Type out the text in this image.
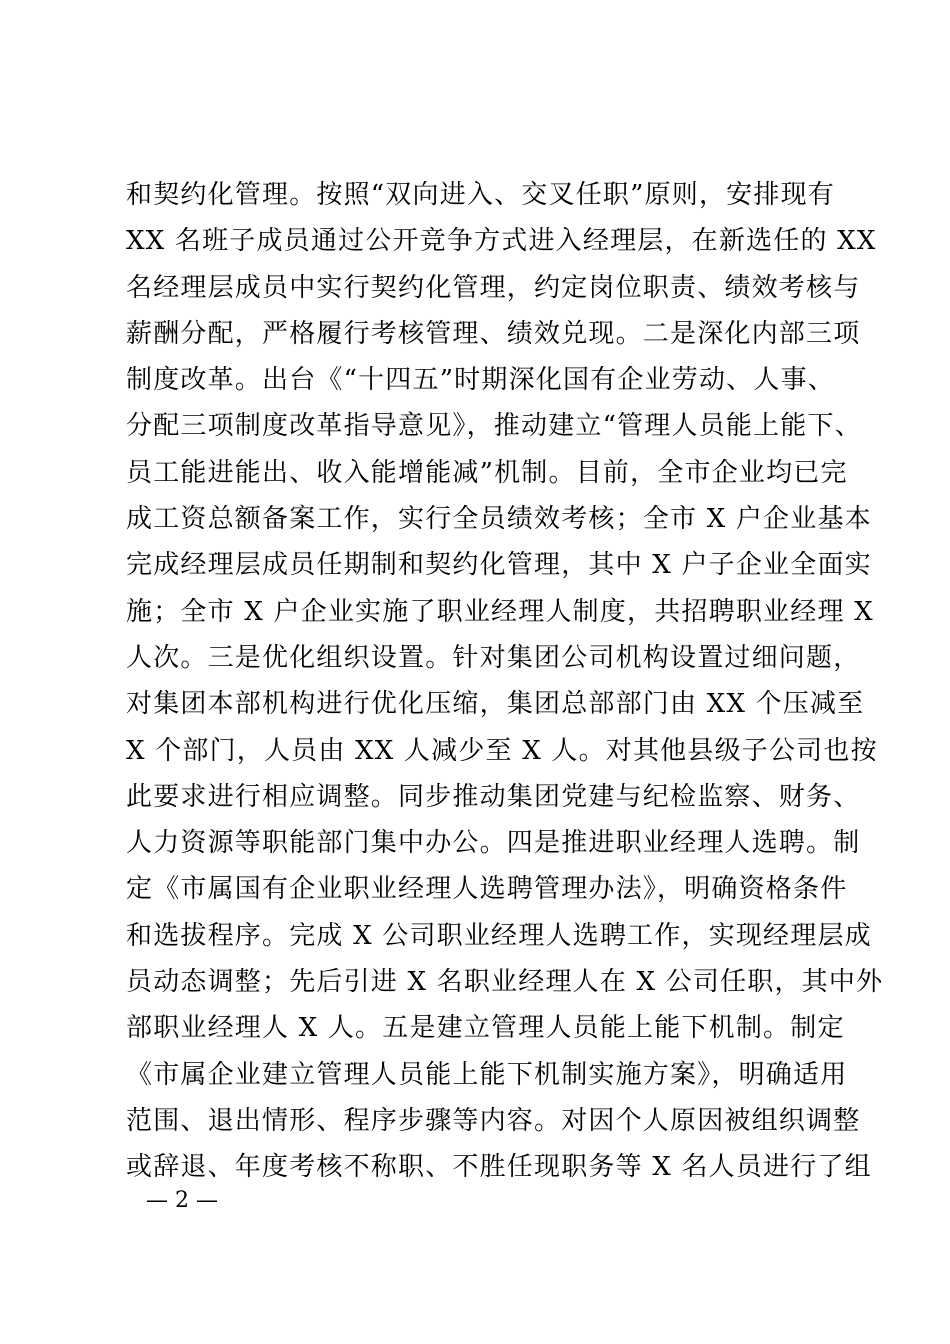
和契约化管理。按照“双向进入、交叉任职”原则，安排现有
XX 名班子成员通过公开竞争方式进入经理层，在新选任的 XX
名经理层成员中实行契约化管理，约定岗位职责、绩效考核与
薪酬分配，严格履行考核管理、绩效兑现。二是深化内部三项
制度改革。出台《“十四五”时期深化国有企业劳动、人事、
分配三项制度改革指导意见》，推动建立“管理人员能上能下、
员工能进能出、收入能增能减”机制。目前，全市企业均已完
成工资总额备案工作，实行全员绩效考核；全市 X 户企业基本
完成经理层成员任期制和契约化管理，其中 X 户子企业全面实
施；全市 X 户企业实施了职业经理人制度，共招聘职业经理 X
人次。三是优化组织设置。针对集团公司机构设置过细问题，
对集团本部机构进行优化压缩，集团总部部门由 XX 个压减至
X 个部门，人员由 XX 人减少至 X 人。对其他县级子公司也按
此要求进行相应调整。同步推动集团党建与纪检监察、财务、
人力资源等职能部门集中办公。四是推进职业经理人选聘。制
定《市属国有企业职业经理人选聘管理办法》，明确资格条件
和选拔程序。完成 X 公司职业经理人选聘工作，实现经理层成
员动态调整；先后引进 X 名职业经理人在 X 公司任职，其中外
部职业经理人 X 人。五是建立管理人员能上能下机制。制定
《市属企业建立管理人员能上能下机制实施方案》，明确适用
范围、退出情形、程序步骤等内容。对因个人原因被组织调整
或辞退、年度考核不称职、不胜任现职务等 X 名人员进行了组
— 2 —
